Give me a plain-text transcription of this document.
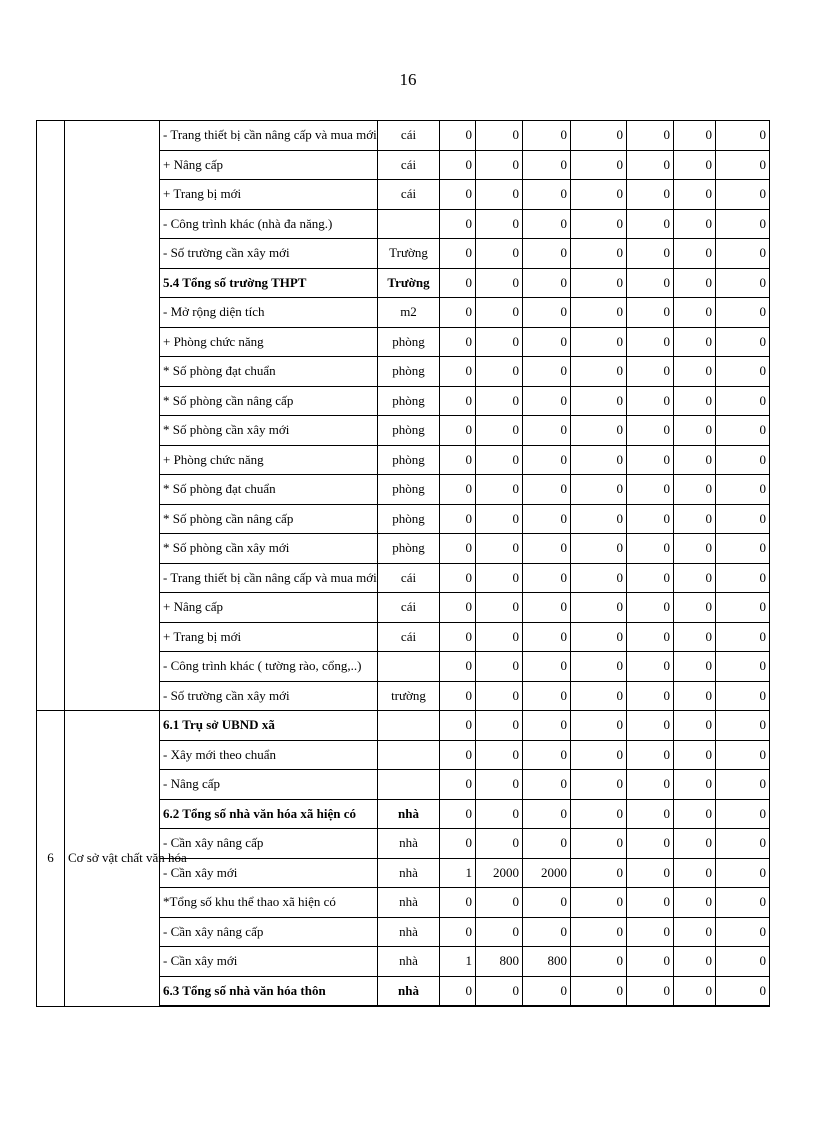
16
		- Trang thiết bị cần nâng cấp và mua mới	cái	0	0	0	0	0	0	0
		+ Nâng cấp	cái	0	0	0	0	0	0	0
		+ Trang bị mới	cái	0	0	0	0	0	0	0
		- Công trình khác (nhà đa năng.)		0	0	0	0	0	0	0
		- Số trường cần xây mới	Trường	0	0	0	0	0	0	0
		5.4 Tổng số trường THPT	Trường	0	0	0	0	0	0	0
		- Mở rộng diện tích	m2	0	0	0	0	0	0	0
		+ Phòng chức năng	phòng	0	0	0	0	0	0	0
		* Số phòng đạt chuẩn	phòng	0	0	0	0	0	0	0
		* Số phòng cần nâng cấp	phòng	0	0	0	0	0	0	0
		* Số phòng cần xây mới	phòng	0	0	0	0	0	0	0
		+ Phòng chức năng	phòng	0	0	0	0	0	0	0
		* Số phòng đạt chuẩn	phòng	0	0	0	0	0	0	0
		* Số phòng cần nâng cấp	phòng	0	0	0	0	0	0	0
		* Số phòng cần xây mới	phòng	0	0	0	0	0	0	0
		- Trang thiết bị cần nâng cấp và mua mới	cái	0	0	0	0	0	0	0
		+ Nâng cấp	cái	0	0	0	0	0	0	0
		+ Trang bị mới	cái	0	0	0	0	0	0	0
		- Công trình khác ( tường rào, cổng,..)		0	0	0	0	0	0	0
		- Số trường cần xây mới	trường	0	0	0	0	0	0	0
6	Cơ sở vật chất văn hóa	6.1 Trụ sở UBND xã		0	0	0	0	0	0	0
		- Xây mới theo chuẩn		0	0	0	0	0	0	0
		- Nâng cấp		0	0	0	0	0	0	0
		6.2 Tổng số nhà văn hóa xã hiện có	nhà	0	0	0	0	0	0	0
		- Cần xây nâng cấp	nhà	0	0	0	0	0	0	0
		- Cần xây mới	nhà	1	2000	2000	0	0	0	0
		*Tổng số khu thể thao xã hiện có	nhà	0	0	0	0	0	0	0
		- Cần xây nâng cấp	nhà	0	0	0	0	0	0	0
		- Cần xây mới	nhà	1	800	800	0	0	0	0
		6.3 Tổng số nhà văn hóa thôn	nhà	0	0	0	0	0	0	0
